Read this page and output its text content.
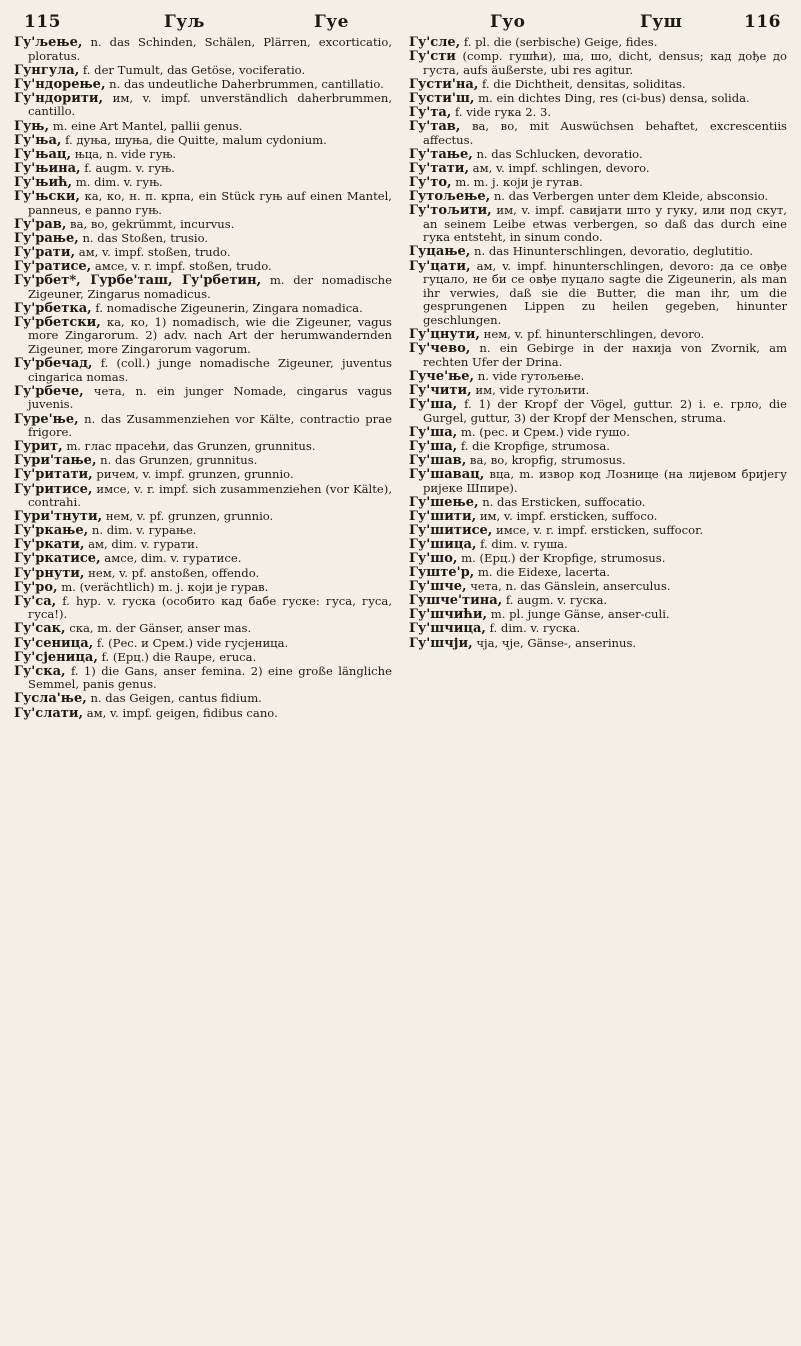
115	Гуљ	Гуе	Гуо	Гуш	116

Гу'љење, n. das Schinden, Schälen, Plärren, excorticatio, ploratus.

Гунгула, f. der Tumult, das Getöse, vociferatio.

Гу'ндорење, n. das undeutliche Daherbrummen, cantillatio.

Гу'ндорити, им, v. impf. unverständlich daherbrummen, cantillo.

Гуњ, m. eine Art Mantel, pallii genus.

Гу'ња, f. дуња, шуња, die Quitte, malum cydonium.

Гу'њац, њца, n. vide гуњ.

Гу'њина, f. augm. v. гуњ.

Гу'њић, m. dim. v. гуњ.

Гу'њски, ка, ко, н. п. крпа, ein Stück гуњ auf einen Mantel, panneus, e panno гуњ.

Гу'рав, ва, во, gekrümmt, incurvus.

Гу'рање, n. das Stoßen, trusio.

Гу'рати, ам, v. impf. stoßen, trudo.

Гу'ратисе, амсе, v. r. impf. stoßen, trudo.

Гу'рбет*, Гурбе'таш, Гу'рбетин, m. der nomadische Zigeuner, Zingarus nomadicus.

Гу'рбетка, f. nomadische Zigeunerin, Zingara nomadica.

Гу'рбетски, ка, ко, 1) nomadisch, wie die Zigeuner, vagus more Zingarorum. 2) adv. nach Art der herumwandernden Zigeuner, more Zingarorum vagorum.

Гу'рбечад, f. (coll.) junge nomadische Zigeuner, juventus cingarica nomas.

Гу'рбече, чета, n. ein junger Nomade, cingarus vagus juvenis.

Гуре'ње, n. das Zusammenziehen vor Kälte, contractio prae frigore.

Гурит, m. глас прасећи, das Grunzen, grunnitus.

Гури'тање, n. das Grunzen, grunnitus.

Гу'ритати, ричем, v. impf. grunzen, grunnio.

Гу'ритисе, имсе, v. r. impf. sich zusammenziehen (vor Kälte), contrahi.

Гури'тнути, нем, v. pf. grunzen, grunnio.

Гу'ркање, n. dim. v. гурање.

Гу'ркати, ам, dim. v. гурати.

Гу'ркатисе, амсе, dim. v. гуратисе.

Гу'рнути, нем, v. pf. anstoßen, offendo.

Гу'ро, m. (verächtlich) m. j. који је гурав.

Гу'са, f. hyp. v. гуска (особито кад бабе гуске: гуса, гуса, гуса!).

Гу'сак, ска, m. der Gänser, anser mas.

Гу'сеница, f. (Рес. и Срем.) vide гусјеница.

Гу'сјеница, f. (Ерц.) die Raupe, eruca.

Гу'ска, f. 1) die Gans, anser femina. 2) eine große längliche Semmel, panis genus.

Гусла'ње, n. das Geigen, cantus fidium.

Гу'слати, ам, v. impf. geigen, fidibus cano.

Гу'сле, f. pl. die (serbische) Geige, fides.

Гу'сти (comp. гушћи), ша, шо, dicht, densus; кад дође до густа, aufs äußerste, ubi res agitur.

Густи'на, f. die Dichtheit, densitas, soliditas.

Густи'ш, m. ein dichtes Ding, res (ci-bus) densa, solida.

Гу'та, f. vide гука 2. 3.

Гу'тав, ва, во, mit Auswüchsen behaftet, excrescentiis affectus.

Гу'тање, n. das Schlucken, devoratio.

Гу'тати, ам, v. impf. schlingen, devoro.

Гу'то, m. m. j. који је гутав.

Гутољење, n. das Verbergen unter dem Kleide, absconsio.

Гу'тољити, им, v. impf. савијати што у гуку, или под скут, an seinem Leibe etwas verbergen, so daß das durch eine гука entsteht, in sinum condo.

Гуцање, n. das Hinunterschlingen, devoratio, deglutitio.

Гу'цати, ам, v. impf. hinunterschlingen, devoro: да се овђе гуцало, не би се овђе пуцало sagte die Zigeunerin, als man ihr verwies, daß sie die Butter, die man ihr, um die gesprungenen Lippen zu heilen gegeben, hinunter geschlungen.

Гу'цнути, нем, v. pf. hinunterschlingen, devoro.

Гу'чево, n. ein Gebirge in der нахија von Zvornik, am rechten Ufer der Drina.

Гуче'ње, n. vide гутољење.

Гу'чити, им, vide гутољити.

Гу'ша, f. 1) der Kropf der Vögel, guttur. 2) i. e. грло, die Gurgel, guttur, 3) der Kropf der Menschen, struma.

Гу'ша, m. (рес. и Срем.) vide гушо.

Гу'ша, f. die Kropfige, strumosa.

Гу'шав, ва, во, kropfig, strumosus.

Гу'шавац, вца, m. извор код Лознице (на лијевом бријегу ријеке Шпире).

Гу'шење, n. das Ersticken, suffocatio.

Гу'шити, им, v. impf. ersticken, suffoco.

Гу'шитисе, имсе, v. r. impf. ersticken, suffocor.

Гу'шица, f. dim. v. гуша.

Гу'шо, m. (Ерц.) der Kropfige, strumosus.

Гуште'р, m. die Eidexe, lacerta.

Гу'шче, чета, n. das Gänslein, anserculus.

Гушче'тина, f. augm. v. гуска.

Гу'шчићи, m. pl. junge Gänse, anser-culi.

Гу'шчица, f. dim. v. гуска.

Гу'шчји, чја, чје, Gänse-, anserinus.
